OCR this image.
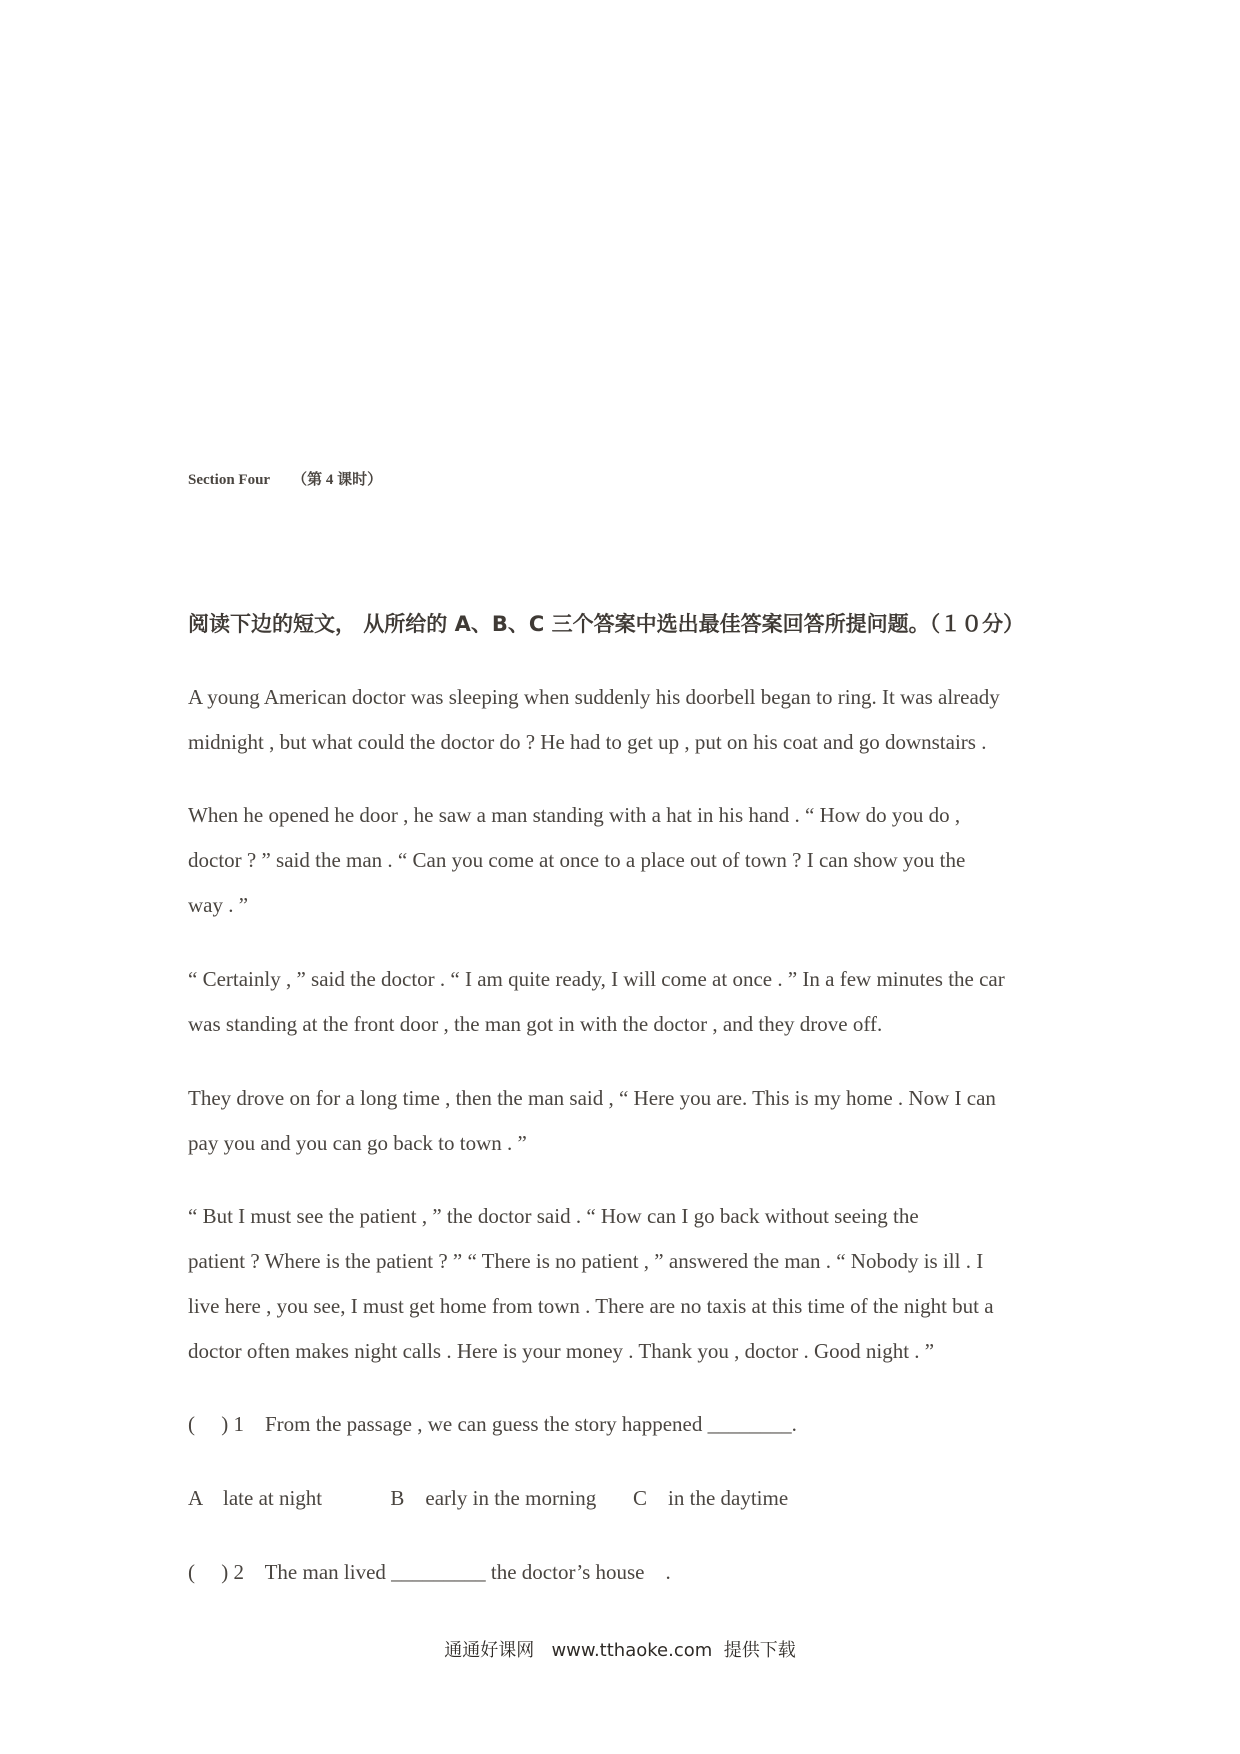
Section Four （第 4 课时）
阅读下边的短文， 从所给的 A、B、C 三个答案中选出最佳答案回答所提问题。（１０分）
A young American doctor was sleeping when suddenly his doorbell began to ring. It was already
midnight , but what could the doctor do ? He had to get up , put on his coat and go downstairs .
When he opened he door , he saw a man standing with a hat in his hand . “ How do you do ,
doctor ? ” said the man . “ Can you come at once to a place out of town ? I can show you the
way . ”
“ Certainly , ” said the doctor . “ I am quite ready, I will come at once . ” In a few minutes the car
was standing at the front door , the man got in with the doctor , and they drove off.
They drove on for a long time , then the man said , “ Here you are. This is my home . Now I can
pay you and you can go back to town . ”
“ But I must see the patient , ” the doctor said . “ How can I go back without seeing the
patient ? Where is the patient ? ” “ There is no patient , ” answered the man . “ Nobody is ill . I
live here , you see, I must get home from town . There are no taxis at this time of the night but a
doctor often makes night calls . Here is your money . Thank you , doctor . Good night . ”
(     ) 1    From the passage , we can guess the story happened ________.
A    late at night             B    early in the morning       C    in the daytime
(     ) 2    The man lived _________ the doctor’s house    .
通通好课网   www.tthaoke.com  提供下载
